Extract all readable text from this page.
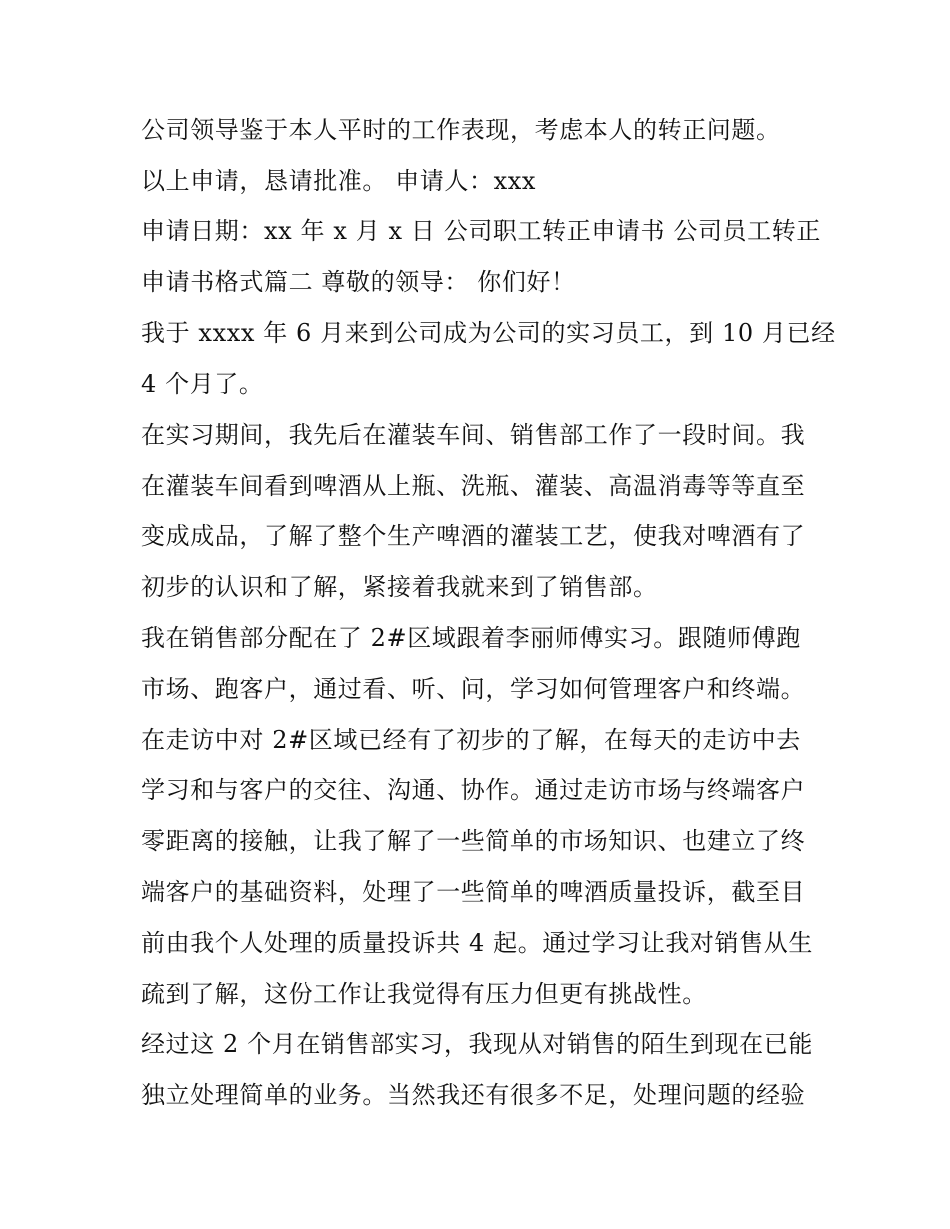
公司领导鉴于本人平时的工作表现，考虑本人的转正问题。
以上申请，恳请批准。 申请人：xxx
申请日期：xx 年 x 月 x 日 公司职工转正申请书 公司员工转正
申请书格式篇二 尊敬的领导： 你们好！
我于 xxxx 年 6 月来到公司成为公司的实习员工，到 10 月已经
4 个月了。
在实习期间，我先后在灌装车间、销售部工作了一段时间。我
在灌装车间看到啤酒从上瓶、洗瓶、灌装、高温消毒等等直至
变成成品，了解了整个生产啤酒的灌装工艺，使我对啤酒有了
初步的认识和了解，紧接着我就来到了销售部。
我在销售部分配在了 2#区域跟着李丽师傅实习。跟随师傅跑
市场、跑客户，通过看、听、问，学习如何管理客户和终端。
在走访中对 2#区域已经有了初步的了解，在每天的走访中去
学习和与客户的交往、沟通、协作。通过走访市场与终端客户
零距离的接触，让我了解了一些简单的市场知识、也建立了终
端客户的基础资料，处理了一些简单的啤酒质量投诉，截至目
前由我个人处理的质量投诉共 4 起。通过学习让我对销售从生
疏到了解，这份工作让我觉得有压力但更有挑战性。
经过这 2 个月在销售部实习，我现从对销售的陌生到现在已能
独立处理简单的业务。当然我还有很多不足，处理问题的经验
